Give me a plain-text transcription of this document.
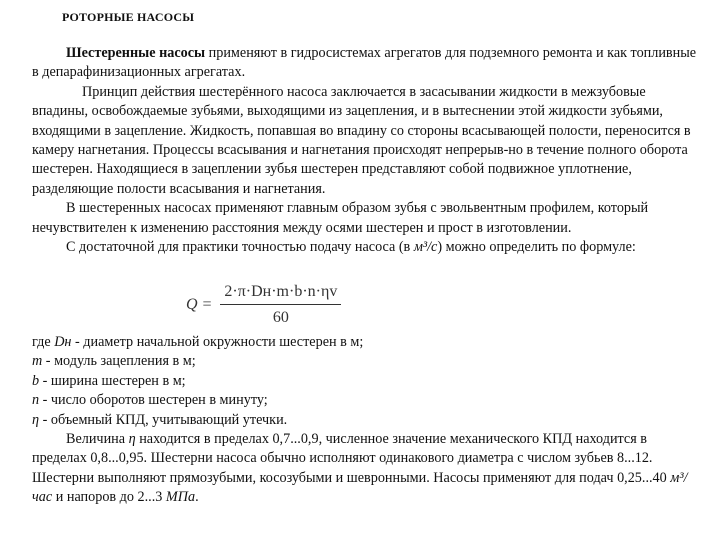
РОТОРНЫЕ НАСОСЫ

Шестеренные насосы применяют в гидросистемах агрегатов для подземного ремонта и как топливные в депарафинизационных агрегатах.

Принцип действия шестерённого насоса заключается в засасывании жидкости в межзубовые впадины, освобождаемые зубьями, выходящими из зацепления, и в вытеснении этой жидкости зубьями, входящими в зацепление. Жидкость, попавшая во впадину со стороны всасывающей полости, переносится в камеру нагнетания. Процессы всасывания и нагнетания происходят непрерыв-но в течение полного оборота шестерен. Находящиеся в зацеплении зубья шестерен представляют собой подвижное уплотнение, разделяющие полости всасывания и нагнетания.

В шестеренных насосах применяют главным образом зубья с эвольвентным профилем, который нечувствителен к изменению расстояния между осями шестерен и прост в изготовлении.

С достаточной для практики точностью подачу насоса (в м³/с) можно определить по формуле:

$Q = \frac{2\cdot\pi\cdot Dн\cdot m\cdot b\cdot n\cdot\eta v}{60}$

где Dн - диаметр начальной окружности шестерен в м;

m - модуль зацепления в м;

b - ширина шестерен в м;

n - число оборотов шестерен в минуту;

η - объемный КПД, учитывающий утечки.

Величина η находится в пределах 0,7...0,9, численное значение механического КПД находится в пределах 0,8...0,95. Шестерни насоса обычно исполняют одинакового диаметра с числом зубьев 8...12. Шестерни выполняют прямозубыми, косозубыми и шевронными. Насосы применяют для подач 0,25...40 м³/час и напоров до 2...3 МПа.
